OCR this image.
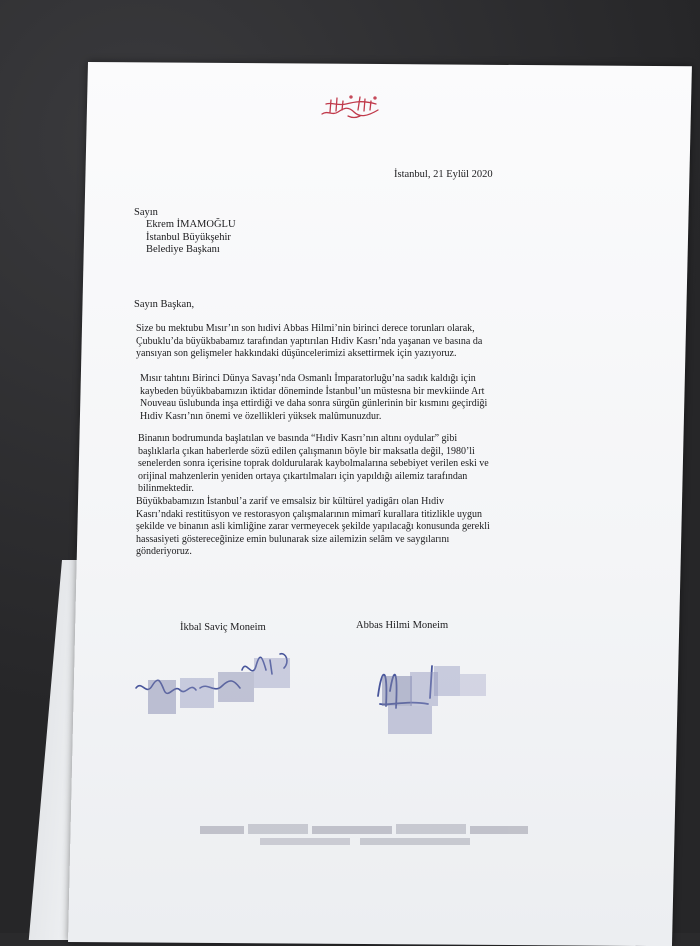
İstanbul, 21 Eylül 2020
Sayın
Ekrem İMAMOĞLU
İstanbul Büyükşehir
Belediye Başkanı
Sayın Başkan,
Size bu mektubu Mısır’ın son hıdivi Abbas Hilmi’nin birinci derece torunları olarak,
Çubuklu’da büyükbabamız tarafından yaptırılan Hıdiv Kasrı’nda yaşanan ve basına da
yansıyan son gelişmeler hakkındaki düşüncelerimizi aksettirmek için yazıyoruz.
Mısır tahtını Birinci Dünya Savaşı’nda Osmanlı İmparatorluğu’na sadık kaldığı için
kaybeden büyükbabamızın iktidar döneminde İstanbul’un müstesna bir mevkiinde Art
Nouveau üslubunda inşa ettirdiği ve daha sonra sürgün günlerinin bir kısmını geçirdiği
Hıdiv Kasrı’nın önemi ve özellikleri yüksek malûmunuzdur.
Binanın bodrumunda başlatılan ve basında “Hıdiv Kasrı’nın altını oydular” gibi
başlıklarla çıkan haberlerde sözü edilen çalışmanın böyle bir maksatla değil, 1980’li
senelerden sonra içerisine toprak doldurularak kaybolmalarına sebebiyet verilen eski ve
orijinal mahzenlerin yeniden ortaya çıkartılmaları için yapıldığı ailemiz tarafından
bilinmektedir.
Büyükbabamızın İstanbul’a zarif ve emsalsiz bir kültürel yadigârı olan Hıdiv
Kasrı’ndaki restitüsyon ve restorasyon çalışmalarının mimarî kurallara titizlikle uygun
şekilde ve binanın asli kimliğine zarar vermeyecek şekilde yapılacağı konusunda gerekli
hassasiyeti göstereceğinize emin bulunarak size ailemizin selâm ve saygılarını
gönderiyoruz.
İkbal Saviç Moneim	Abbas Hilmi Moneim
